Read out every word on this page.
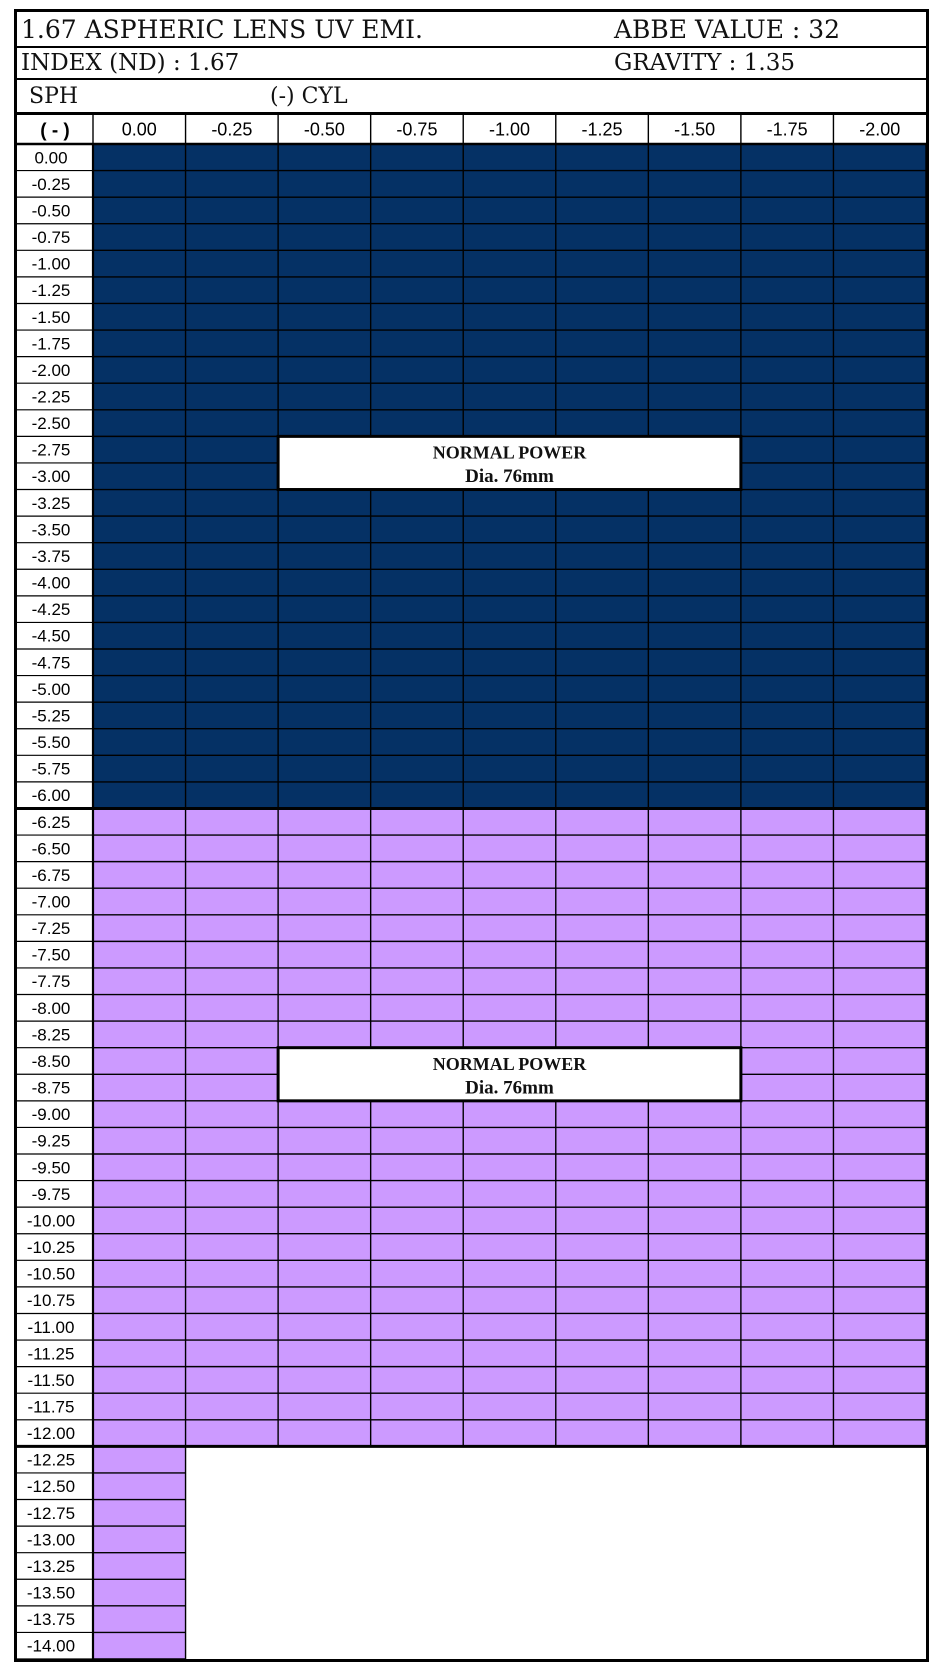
1.67 ASPHERIC LENS UV EMI.	ABBE VALUE : 32
INDEX (ND) : 1.67	GRAVITY : 1.35
SPH	(-) CYL
( - )	0.00	-0.25	-0.50	-0.75	-1.00	-1.25	-1.50	-1.75	-2.00
0.00
-0.25
-0.50
-0.75
-1.00
-1.25
-1.50
-1.75
-2.00
-2.25
-2.50
-2.75
-3.00
-3.25
-3.50
-3.75
-4.00
-4.25
-4.50
-4.75
-5.00
-5.25
-5.50
-5.75
-6.00
-6.25
-6.50
-6.75
-7.00
-7.25
-7.50
-7.75
-8.00
-8.25
-8.50
-8.75
-9.00
-9.25
-9.50
-9.75
-10.00
-10.25
-10.50
-10.75
-11.00
-11.25
-11.50
-11.75
-12.00
-12.25
-12.50
-12.75
-13.00
-13.25
-13.50
-13.75
-14.00
NORMAL POWER
Dia. 76mm
NORMAL POWER
Dia. 76mm
